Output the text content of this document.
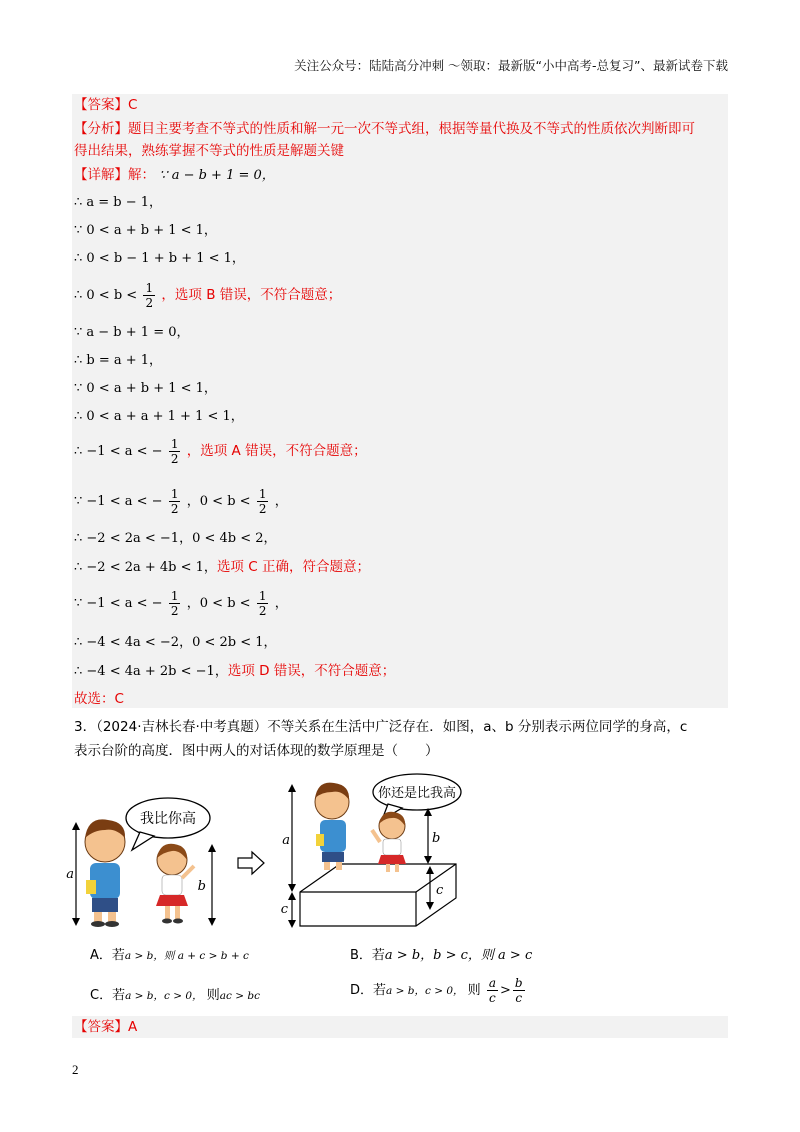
关注公众号：陆陆高分冲刺 〜领取：最新版“小中高考-总复习”、最新试卷下载
【答案】C
【分析】题目主要考查不等式的性质和解一元一次不等式组，根据等量代换及不等式的性质依次判断即可
得出结果，熟练掌握不等式的性质是解题关键
【详解】解： ∵ a − b + 1 = 0，
∴ a = b − 1，
∵ 0 < a + b + 1 < 1，
∴ 0 < b − 1 + b + 1 < 1，
∴ $0 < b < \frac{1}{2}$ ，选项 B 错误，不符合题意；
∵ a − b + 1 = 0，
∴ b = a + 1，
∵ 0 < a + b + 1 < 1，
∴ 0 < a + a + 1 + 1 < 1，
∴ −1 < a < − $\frac{1}{2}$ ，选项 A 错误，不符合题意；
∵ −1 < a < − $\frac{1}{2}$ ，$0 < b < \frac{1}{2}$ ，
∴ −2 < 2a < −1，0 < 4b < 2，
∴ −2 < 2a + 4b < 1，选项 C 正确，符合题意；
∵ −1 < a < − $\frac{1}{2}$ ，$0 < b < \frac{1}{2}$ ，
∴ −4 < 4a < −2，0 < 2b < 1，
∴ −4 < 4a + 2b < −1，选项 D 错误，不符合题意；
故选：C
3．（2024·吉林长春·中考真题）不等关系在生活中广泛存在．如图，a、b 分别表示两位同学的身高，c
表示台阶的高度．图中两人的对话体现的数学原理是（　　）
我比你高
a
b
你还是比我高
a
c
b
c
A．若a > b，则 a + c > b + c	B．若a > b，b > c，则 a > c
C．若a > b，c > 0， 则ac > bc	D．若a > b，c > 0， 则 $\frac{a}{c} > \frac{b}{c}$
【答案】A
2
